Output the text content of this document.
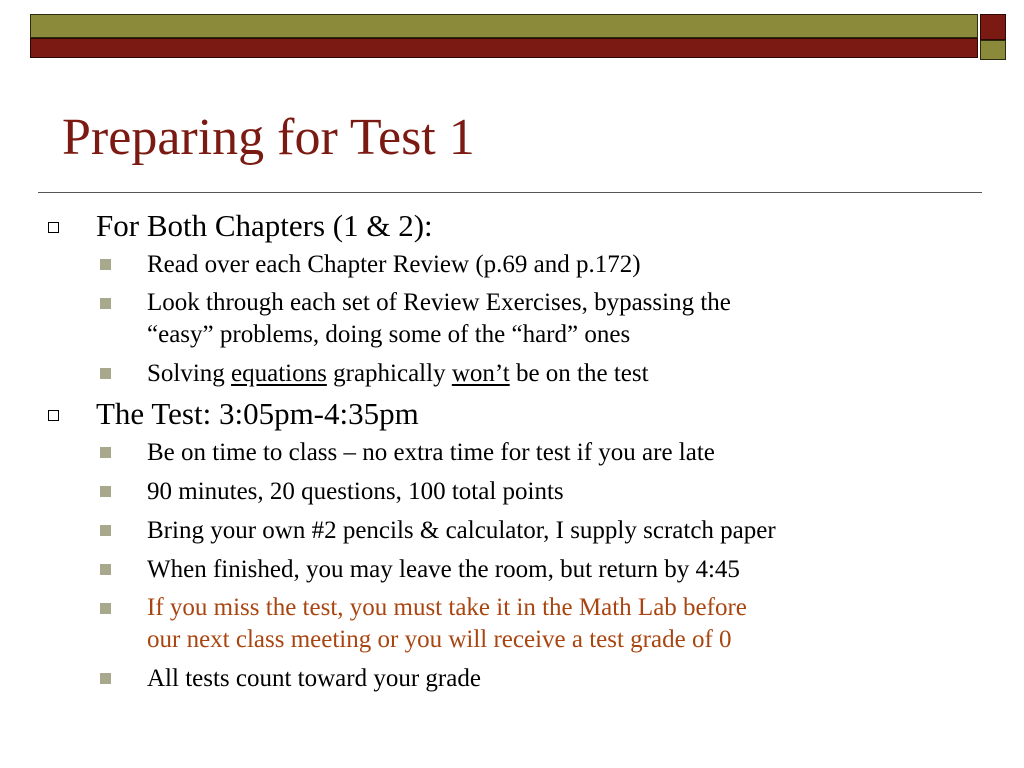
Preparing for Test 1
For Both Chapters (1 & 2):
Read over each Chapter Review (p.69 and p.172)
Look through each set of Review Exercises, bypassing the
“easy” problems, doing some of the “hard” ones
Solving equations graphically won’t be on the test
The Test: 3:05pm-4:35pm
Be on time to class – no extra time for test if you are late
90 minutes, 20 questions, 100 total points
Bring your own #2 pencils & calculator, I supply scratch paper
When finished, you may leave the room, but return by 4:45
If you miss the test, you must take it in the Math Lab before
our next class meeting or you will receive a test grade of 0
All tests count toward your grade
